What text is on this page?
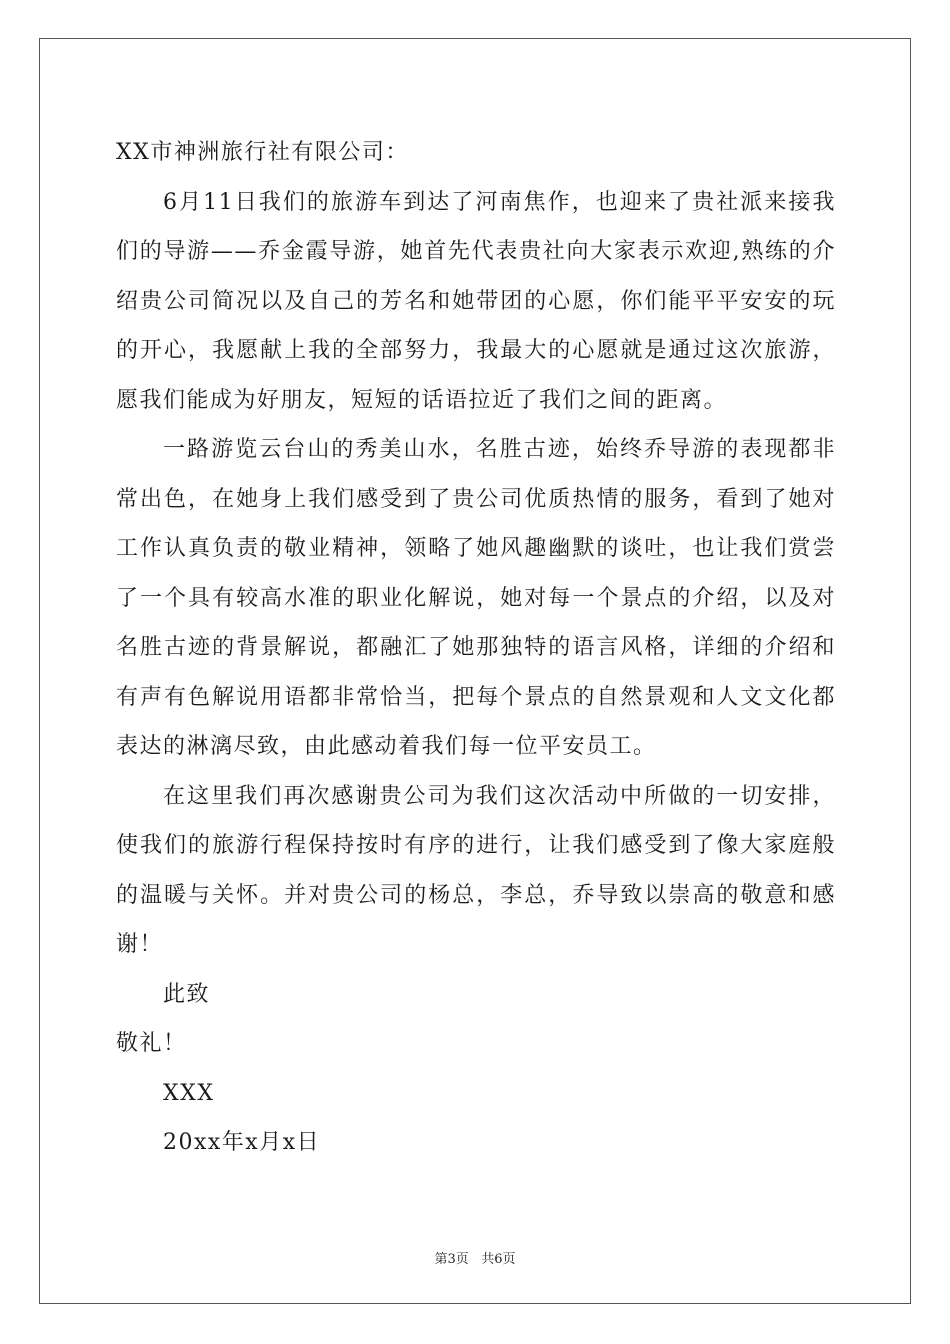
XX市神洲旅行社有限公司：

6月11日我们的旅游车到达了河南焦作，也迎来了贵社派来接我们的导游——乔金霞导游，她首先代表贵社向大家表示欢迎,熟练的介绍贵公司简况以及自己的芳名和她带团的心愿，你们能平平安安的玩的开心，我愿献上我的全部努力，我最大的心愿就是通过这次旅游，愿我们能成为好朋友，短短的话语拉近了我们之间的距离。

一路游览云台山的秀美山水，名胜古迹，始终乔导游的表现都非常出色，在她身上我们感受到了贵公司优质热情的服务，看到了她对工作认真负责的敬业精神，领略了她风趣幽默的谈吐，也让我们赏尝了一个具有较高水准的职业化解说，她对每一个景点的介绍，以及对名胜古迹的背景解说，都融汇了她那独特的语言风格，详细的介绍和有声有色解说用语都非常恰当，把每个景点的自然景观和人文文化都表达的淋漓尽致，由此感动着我们每一位平安员工。

在这里我们再次感谢贵公司为我们这次活动中所做的一切安排，使我们的旅游行程保持按时有序的进行，让我们感受到了像大家庭般的温暖与关怀。并对贵公司的杨总，李总，乔导致以崇高的敬意和感谢！

此致

敬礼！

XXX

20xx年x月x日

第3页 共6页
